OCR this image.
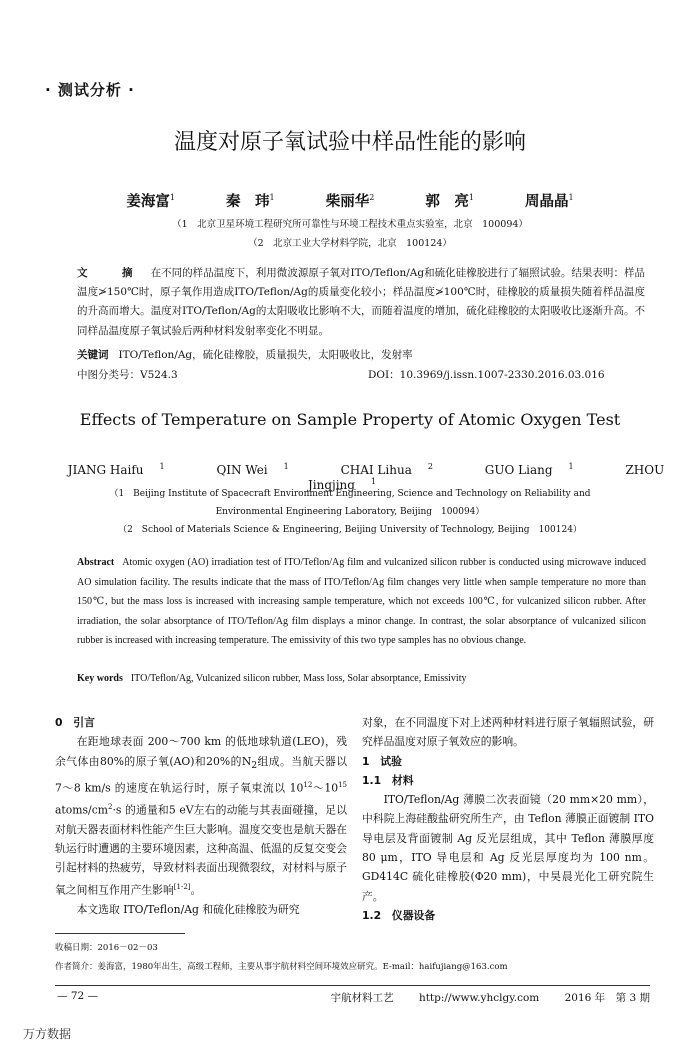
· 测试分析 ·
温度对原子氧试验中样品性能的影响
姜海富$^1$	秦　玮$^1$	柴丽华$^2$	郭　亮$^1$	周晶晶$^1$
（1　北京卫星环境工程研究所可靠性与环境工程技术重点实验室，北京　100094）
（2　北京工业大学材料学院，北京　100124）
文　摘 在不同的样品温度下，利用微波源原子氧对ITO/Teflon/Ag和硫化硅橡胶进行了辐照试验。结果表明：样品温度≯150℃时，原子氧作用造成ITO/Teflon/Ag的质量变化较小；样品温度≯100℃时，硅橡胶的质量损失随着样品温度的升高而增大。温度对ITO/Teflon/Ag的太阳吸收比影响不大，而随着温度的增加，硫化硅橡胶的太阳吸收比逐渐升高。不同样品温度原子氧试验后两种材料发射率变化不明显。
关键词 ITO/Teflon/Ag，硫化硅橡胶，质量损失，太阳吸收比，发射率
中图分类号：V524.3	DOI：10.3969/j.issn.1007-2330.2016.03.016
Effects of Temperature on Sample Property of Atomic Oxygen Test
JIANG Haifu $^1$	QIN Wei $^1$	CHAI Lihua $^2$	GUO Liang $^1$	ZHOU Jingjing $^1$
（1　Beijing Institute of Spacecraft Environment Engineering, Science and Technology on Reliability and
Environmental Engineering Laboratory, Beijing　100094）
（2　School of Materials Science & Engineering, Beijing University of Technology, Beijing　100124）
Abstract Atomic oxygen (AO) irradiation test of ITO/Teflon/Ag film and vulcanized silicon rubber is conducted using microwave induced AO simulation facility. The results indicate that the mass of ITO/Teflon/Ag film changes very little when sample temperature no more than 150℃, but the mass loss is increased with increasing sample temperature, which not exceeds 100℃, for vulcanized silicon rubber. After irradiation, the solar absorptance of ITO/Teflon/Ag film displays a minor change. In contrast, the solar absorptance of vulcanized silicon rubber is increased with increasing temperature. The emissivity of this two type samples has no obvious change.
Key words ITO/Teflon/Ag, Vulcanized silicon rubber, Mass loss, Solar absorptance, Emissivity
0　引言

在距地球表面 200～700 km 的低地球轨道(LEO)，残余气体由80%的原子氧(AO)和20%的$N_2$组成。当航天器以 7～8 km/s 的速度在轨运行时，原子氧束流以 $10^{12}\sim 10^{15}$ atoms/$cm^2\cdot s$ 的通量和5 eV左右的动能与其表面碰撞，足以对航天器表面材料性能产生巨大影响。温度交变也是航天器在轨运行时遭遇的主要环境因素，这种高温、低温的反复交变会引起材料的热疲劳，导致材料表面出现微裂纹，对材料与原子氧之间相互作用产生影响[1-2]。

本文选取 ITO/Teflon/Ag 和硫化硅橡胶为研究

对象，在不同温度下对上述两种材料进行原子氧辐照试验，研究样品温度对原子氧效应的影响。

1　试验
1.1　材料

ITO/Teflon/Ag 薄膜二次表面镜（20 mm×20 mm），中科院上海硅酸盐研究所生产，由 Teflon 薄膜正面镀制 ITO 导电层及背面镀制 Ag 反光层组成，其中 Teflon 薄膜厚度 80 μm，ITO 导电层和 Ag 反光层厚度均为 100 nm。GD414C 硫化硅橡胶(Φ20 mm)，中昊晨光化工研究院生产。

1.2　仪器设备
收稿日期：2016－02－03
作者简介：姜海富，1980年出生，高级工程师，主要从事宇航材料空间环境效应研究。E-mail：haifujiang@163.com
— 72 —	宇航材料工艺 http://www.yhclgy.com 2016 年　第 3 期
万方数据
